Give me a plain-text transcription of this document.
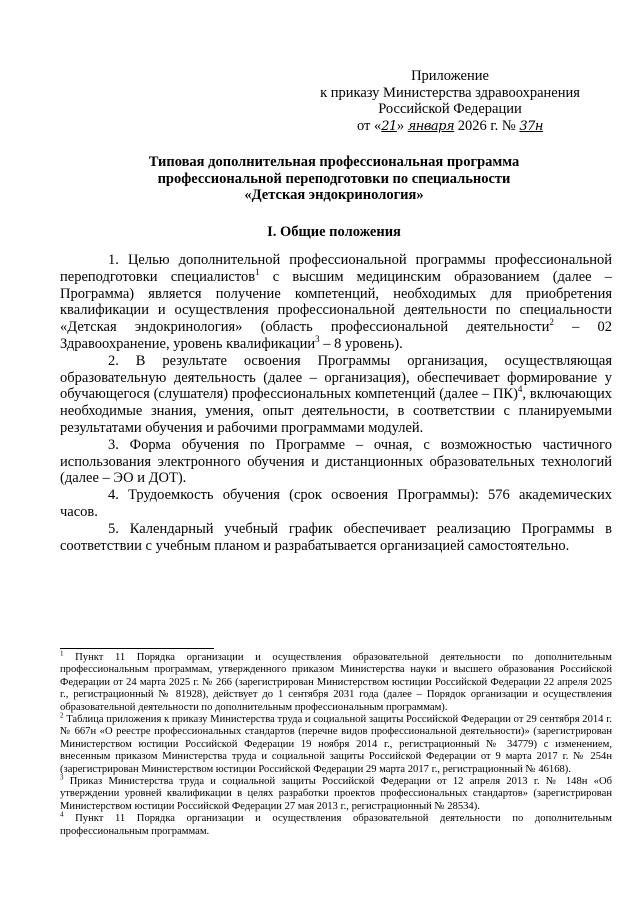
Приложение
к приказу Министерства здравоохранения
Российской Федерации
от «21» января 2026 г. № 37н
Типовая дополнительная профессиональная программа
профессиональной переподготовки по специальности
«Детская эндокринология»
I. Общие положения

1. Целью дополнительной профессиональной программы профессиональной переподготовки специалистов$^1$ с высшим медицинским образованием (далее – Программа) является получение компетенций, необходимых для приобретения квалификации и осуществления профессиональной деятельности по специальности «Детская эндокринология» (область профессиональной деятельности$^2$ – 02 Здравоохранение, уровень квалификации$^3$ – 8 уровень).

2. В результате освоения Программы организация, осуществляющая образовательную деятельность (далее – организация), обеспечивает формирование у обучающегося (слушателя) профессиональных компетенций (далее – ПК)$^4$, включающих необходимые знания, умения, опыт деятельности, в соответствии с планируемыми результатами обучения и рабочими программами модулей.

3. Форма обучения по Программе – очная, с возможностью частичного использования электронного обучения и дистанционных образовательных технологий (далее – ЭО и ДОТ).

4. Трудоемкость обучения (срок освоения Программы): 576 академических часов.

5. Календарный учебный график обеспечивает реализацию Программы в соответствии с учебным планом и разрабатывается организацией самостоятельно.

$^1$ Пункт 11 Порядка организации и осуществления образовательной деятельности по дополнительным профессиональным программам, утвержденного приказом Министерства науки и высшего образования Российской Федерации от 24 марта 2025 г. № 266 (зарегистрирован Министерством юстиции Российской Федерации 22 апреля 2025 г., регистрационный № 81928), действует до 1 сентября 2031 года (далее – Порядок организации и осуществления образовательной деятельности по дополнительным профессиональным программам).

$^2$ Таблица приложения к приказу Министерства труда и социальной защиты Российской Федерации от 29 сентября 2014 г. № 667н «О реестре профессиональных стандартов (перечне видов профессиональной деятельности)» (зарегистрирован Министерством юстиции Российской Федерации 19 ноября 2014 г., регистрационный № 34779) с изменением, внесенным приказом Министерства труда и социальной защиты Российской Федерации от 9 марта 2017 г. № 254н (зарегистрирован Министерством юстиции Российской Федерации 29 марта 2017 г., регистрационный № 46168).

$^3$ Приказ Министерства труда и социальной защиты Российской Федерации от 12 апреля 2013 г. № 148н «Об утверждении уровней квалификации в целях разработки проектов профессиональных стандартов» (зарегистрирован Министерством юстиции Российской Федерации 27 мая 2013 г., регистрационный № 28534).

$^4$ Пункт 11 Порядка организации и осуществления образовательной деятельности по дополнительным профессиональным программам.
